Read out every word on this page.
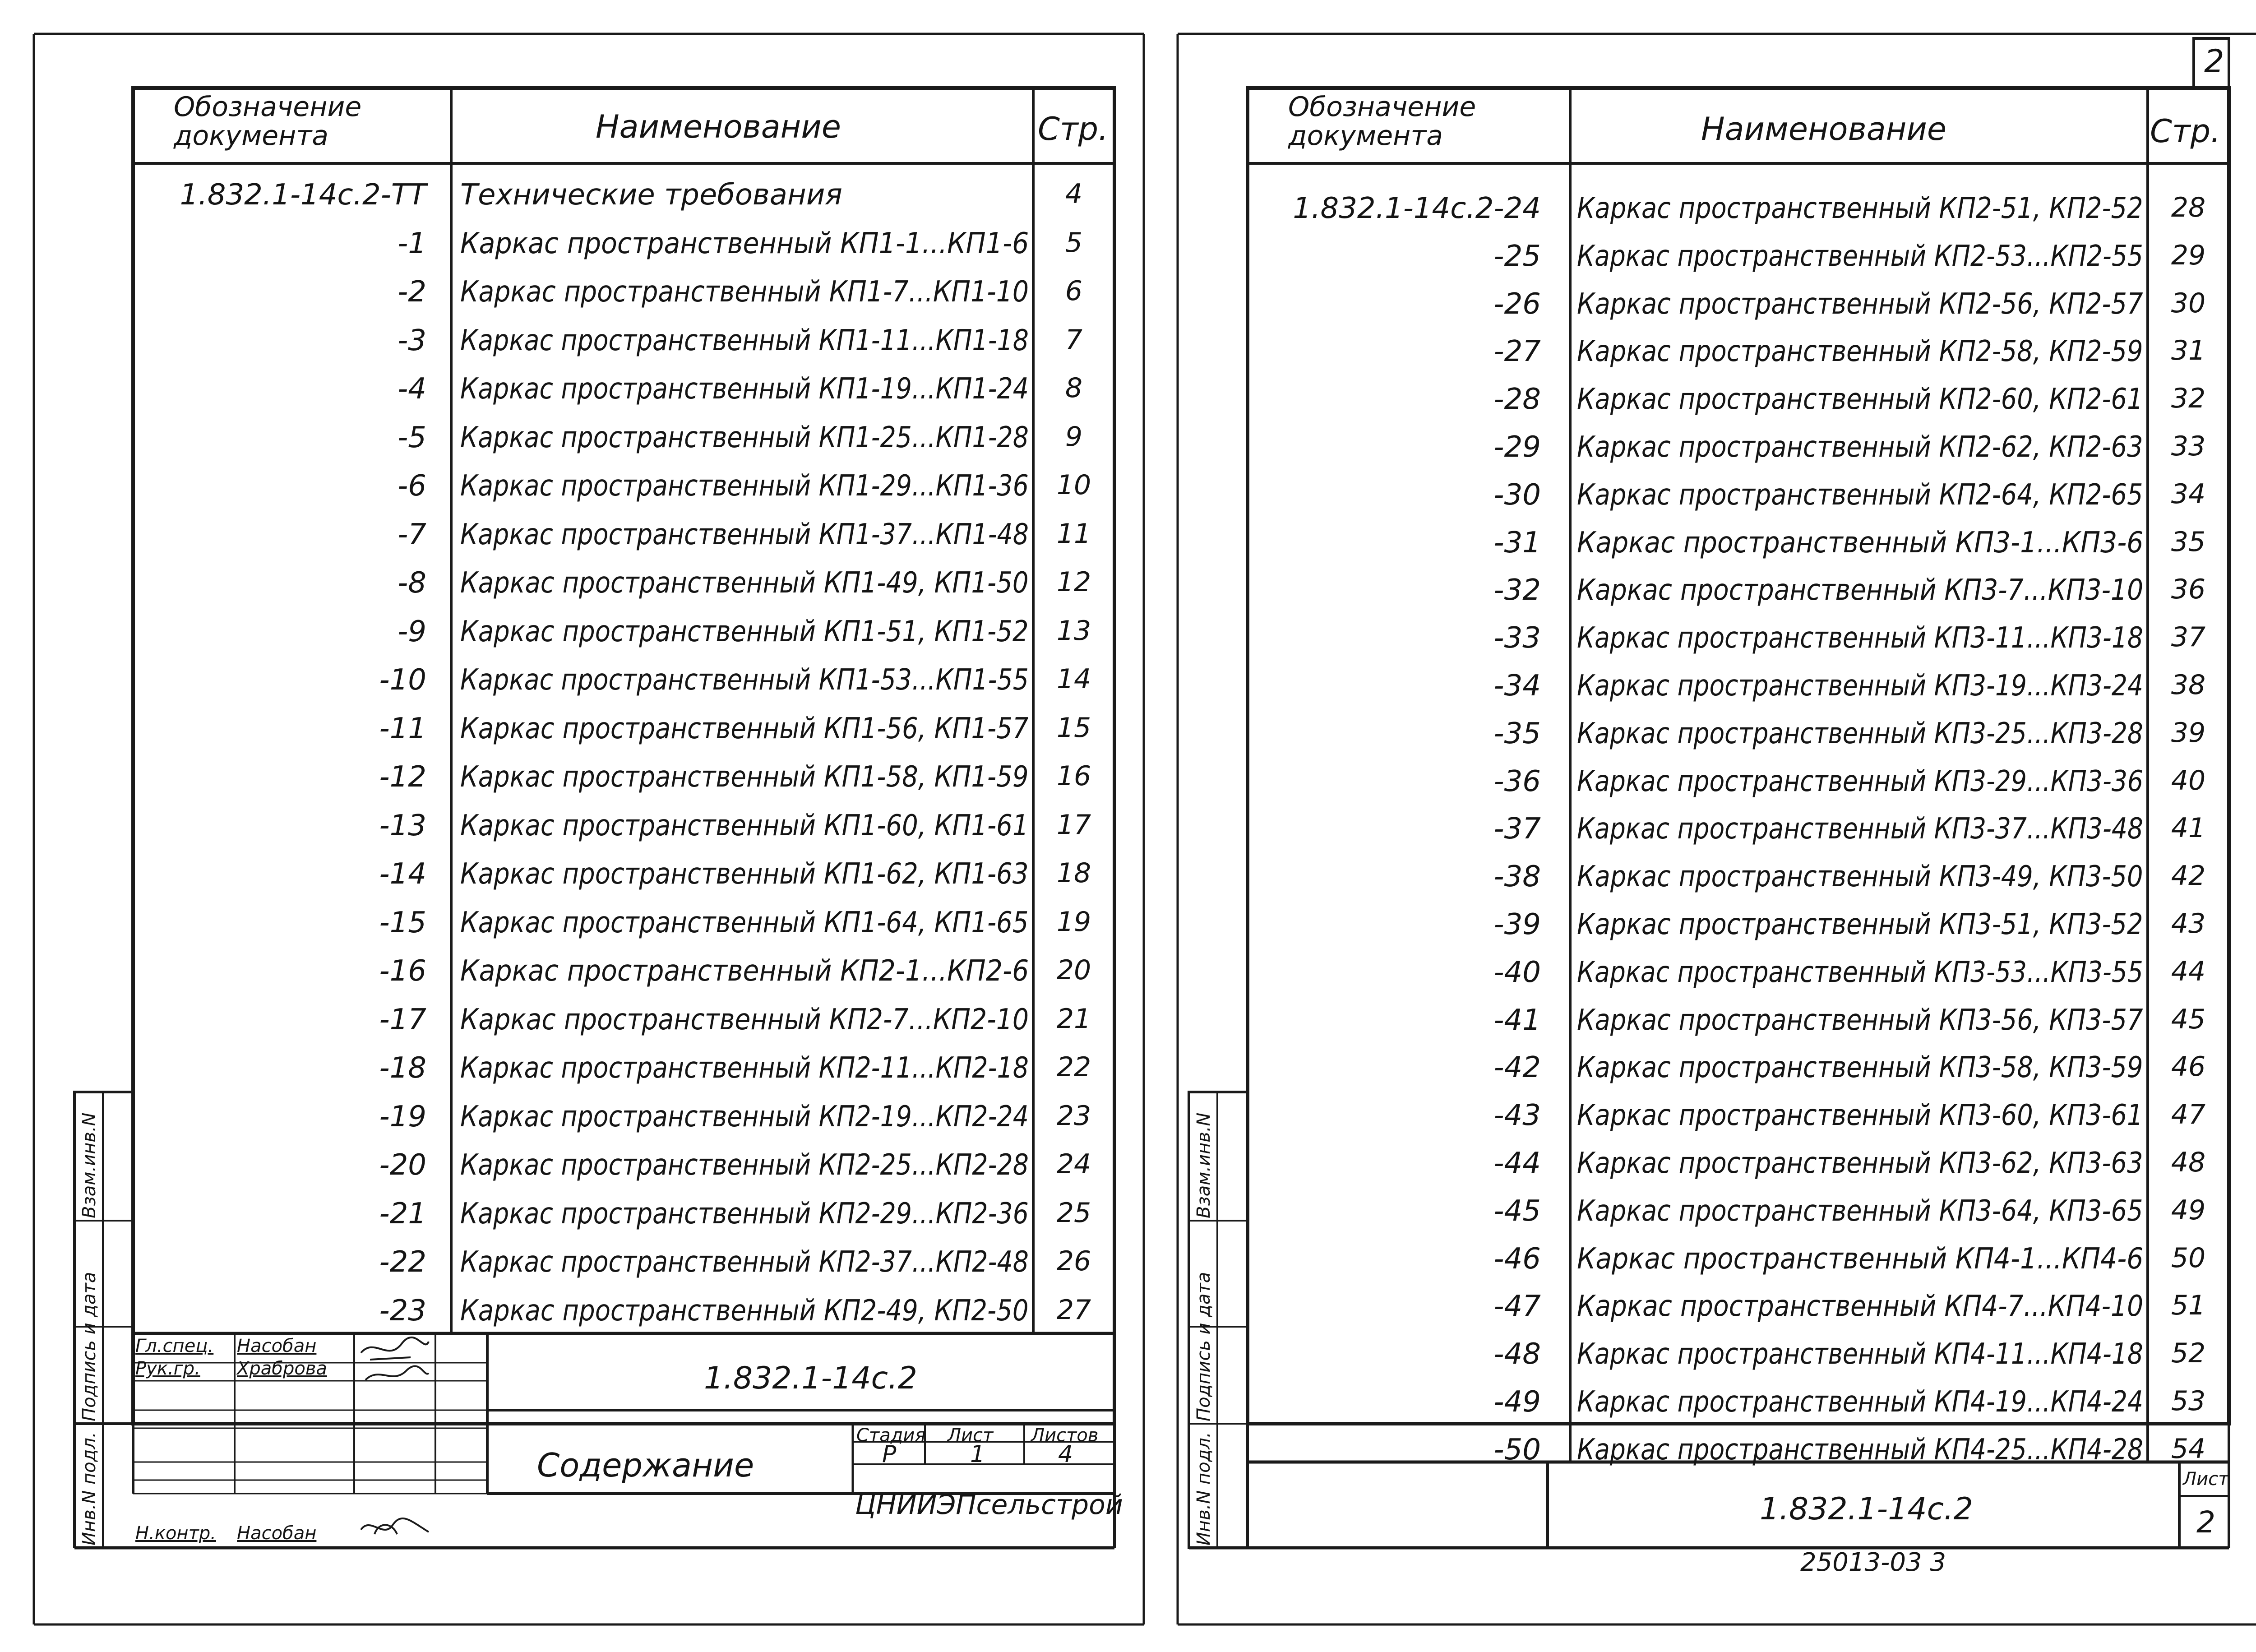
Обозначение
документа	Наименование	Стр.
1.832.1-14с.2-ТТ Технические требования	4
-1 Каркас пространственный КП1-1...КП1-6	5
-2 Каркас пространственный КП1-7...КП1-10	6
-3 Каркас пространственный КП1-11...КП1-18	7
-4 Каркас пространственный КП1-19...КП1-24	8
-5 Каркас пространственный КП1-25...КП1-28	9
-6 Каркас пространственный КП1-29...КП1-36	10
-7 Каркас пространственный КП1-37...КП1-48	11
-8 Каркас пространственный КП1-49, КП1-50	12
-9 Каркас пространственный КП1-51, КП1-52	13
-10 Каркас пространственный КП1-53...КП1-55	14
-11 Каркас пространственный КП1-56, КП1-57	15
-12 Каркас пространственный КП1-58, КП1-59	16
-13 Каркас пространственный КП1-60, КП1-61	17
-14 Каркас пространственный КП1-62, КП1-63	18
-15 Каркас пространственный КП1-64, КП1-65	19
-16 Каркас пространственный КП2-1...КП2-6	20
-17 Каркас пространственный КП2-7...КП2-10	21
-18 Каркас пространственный КП2-11...КП2-18	22
-19 Каркас пространственный КП2-19...КП2-24	23
-20 Каркас пространственный КП2-25...КП2-28	24
-21 Каркас пространственный КП2-29...КП2-36	25
-22 Каркас пространственный КП2-37...КП2-48	26
-23 Каркас пространственный КП2-49, КП2-50	27
Обозначение
документа	Наименование	Стр.
1.832.1-14с.2-24 Каркас пространственный КП2-51, КП2-52	28
-25 Каркас пространственный КП2-53...КП2-55	29
-26 Каркас пространственный КП2-56, КП2-57	30
-27 Каркас пространственный КП2-58, КП2-59	31
-28 Каркас пространственный КП2-60, КП2-61	32
-29 Каркас пространственный КП2-62, КП2-63	33
-30 Каркас пространственный КП2-64, КП2-65	34
-31 Каркас пространственный КП3-1...КП3-6	35
-32 Каркас пространственный КП3-7...КП3-10	36
-33 Каркас пространственный КП3-11...КП3-18	37
-34 Каркас пространственный КП3-19...КП3-24	38
-35 Каркас пространственный КП3-25...КП3-28	39
-36 Каркас пространственный КП3-29...КП3-36	40
-37 Каркас пространственный КП3-37...КП3-48	41
-38 Каркас пространственный КП3-49, КП3-50	42
-39 Каркас пространственный КП3-51, КП3-52	43
-40 Каркас пространственный КП3-53...КП3-55	44
-41 Каркас пространственный КП3-56, КП3-57	45
-42 Каркас пространственный КП3-58, КП3-59	46
-43 Каркас пространственный КП3-60, КП3-61	47
-44 Каркас пространственный КП3-62, КП3-63	48
-45 Каркас пространственный КП3-64, КП3-65	49
-46 Каркас пространственный КП4-1...КП4-6	50
-47 Каркас пространственный КП4-7...КП4-10	51
-48 Каркас пространственный КП4-11...КП4-18	52
-49 Каркас пространственный КП4-19...КП4-24	53
-50 Каркас пространственный КП4-25...КП4-28	54
2
Гл.спец. Насобан
Рук.гр. Храброва
Н.контр. Насобан
1.832.1-14с.2
Содержание
Стадия Лист Листов
Р	1	4
ЦНИИЭПсельстрой	1.832.1-14с.2
Лист
2
25013-03 3
Взам.инв.N
Подпись и дата
Инв.N подл.
Взам.инв.N
Подпись и дата
Инв.N подл.
